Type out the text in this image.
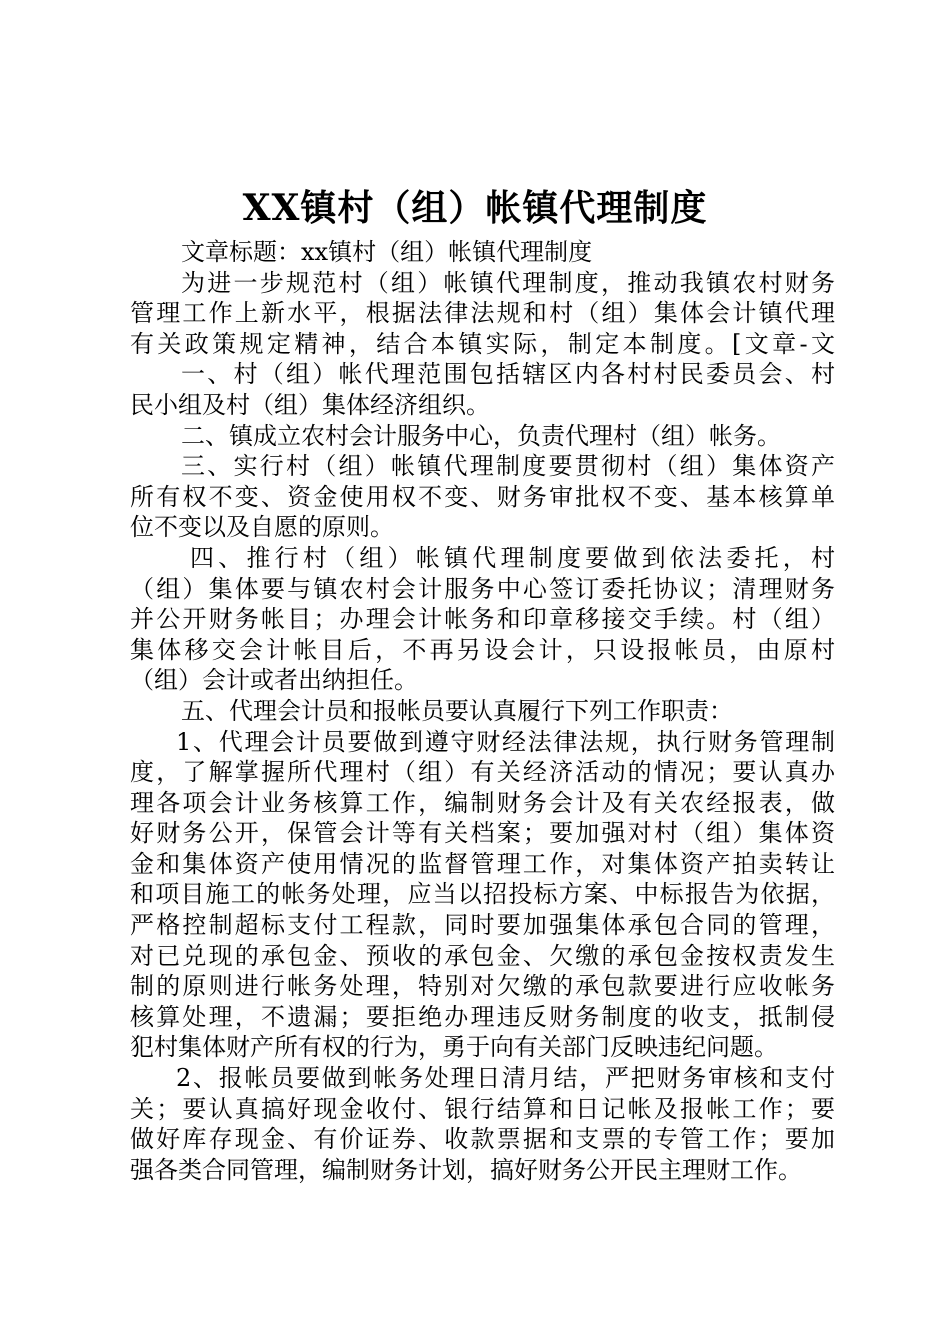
XX镇村（组）帐镇代理制度
文章标题：xx镇村（组）帐镇代理制度
为进一步规范村（组）帐镇代理制度，推动我镇农村财务
管理工作上新水平，根据法律法规和村（组）集体会计镇代理
有关政策规定精神，结合本镇实际，制定本制度。[文章-文
一、村（组）帐代理范围包括辖区内各村村民委员会、村
民小组及村（组）集体经济组织。
二、镇成立农村会计服务中心，负责代理村（组）帐务。
三、实行村（组）帐镇代理制度要贯彻村（组）集体资产
所有权不变、资金使用权不变、财务审批权不变、基本核算单
位不变以及自愿的原则。
四、推行村（组）帐镇代理制度要做到依法委托，村
（组）集体要与镇农村会计服务中心签订委托协议；清理财务
并公开财务帐目；办理会计帐务和印章移接交手续。村（组）
集体移交会计帐目后，不再另设会计，只设报帐员，由原村
（组）会计或者出纳担任。
五、代理会计员和报帐员要认真履行下列工作职责：
1、代理会计员要做到遵守财经法律法规，执行财务管理制
度，了解掌握所代理村（组）有关经济活动的情况；要认真办
理各项会计业务核算工作，编制财务会计及有关农经报表，做
好财务公开，保管会计等有关档案；要加强对村（组）集体资
金和集体资产使用情况的监督管理工作，对集体资产拍卖转让
和项目施工的帐务处理，应当以招投标方案、中标报告为依据，
严格控制超标支付工程款，同时要加强集体承包合同的管理，
对已兑现的承包金、预收的承包金、欠缴的承包金按权责发生
制的原则进行帐务处理，特别对欠缴的承包款要进行应收帐务
核算处理，不遗漏；要拒绝办理违反财务制度的收支，抵制侵
犯村集体财产所有权的行为，勇于向有关部门反映违纪问题。
2、报帐员要做到帐务处理日清月结，严把财务审核和支付
关；要认真搞好现金收付、银行结算和日记帐及报帐工作；要
做好库存现金、有价证券、收款票据和支票的专管工作；要加
强各类合同管理，编制财务计划，搞好财务公开民主理财工作。
